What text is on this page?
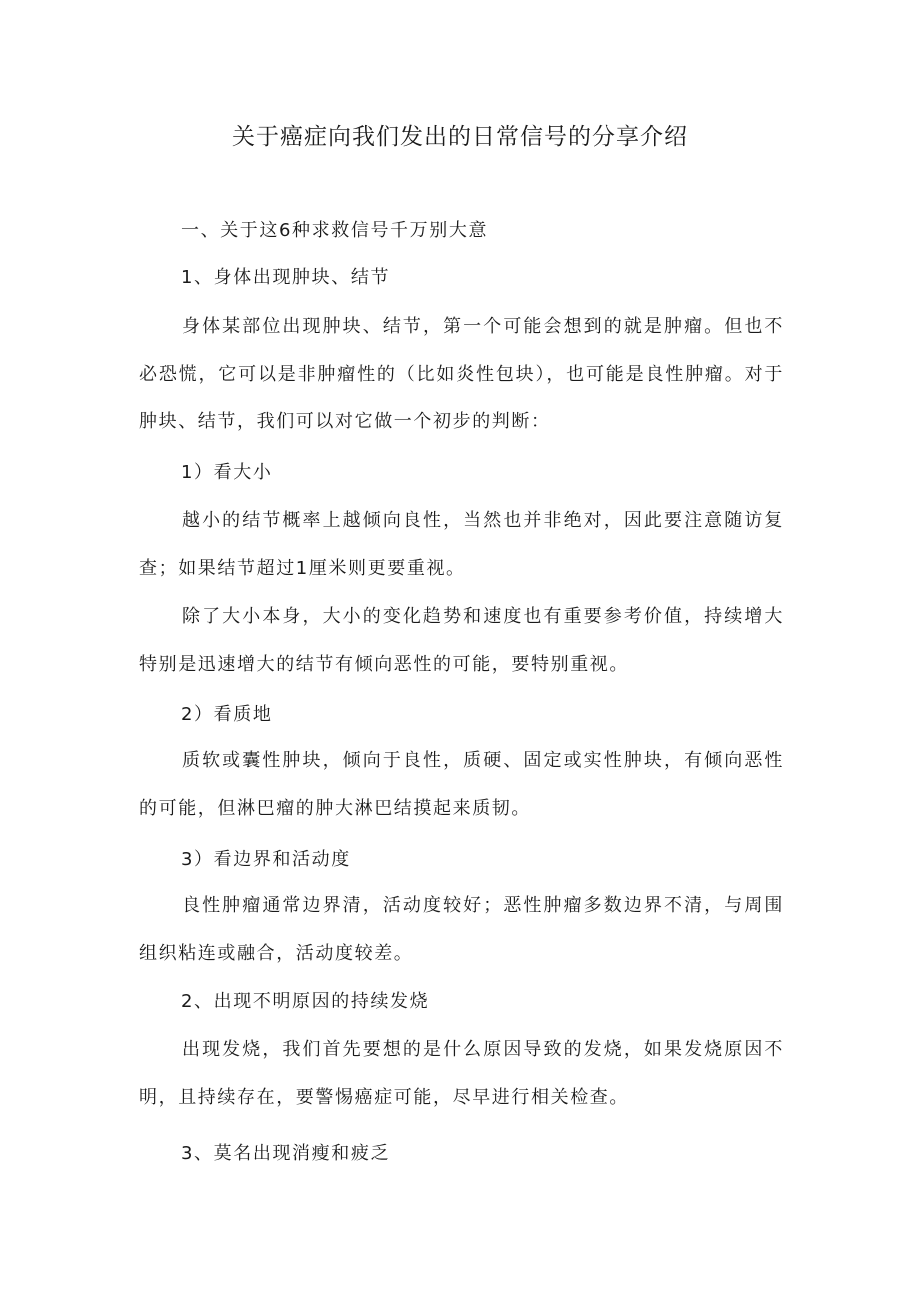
关于癌症向我们发出的日常信号的分享介绍

一、关于这6种求救信号千万别大意

1、身体出现肿块、结节

身体某部位出现肿块、结节，第一个可能会想到的就是肿瘤。但也不必恐慌，它可以是非肿瘤性的（比如炎性包块），也可能是良性肿瘤。对于肿块、结节，我们可以对它做一个初步的判断：

1）看大小

越小的结节概率上越倾向良性，当然也并非绝对，因此要注意随访复查；如果结节超过1厘米则更要重视。

除了大小本身，大小的变化趋势和速度也有重要参考价值，持续增大特别是迅速增大的结节有倾向恶性的可能，要特别重视。

2）看质地

质软或囊性肿块，倾向于良性，质硬、固定或实性肿块，有倾向恶性的可能，但淋巴瘤的肿大淋巴结摸起来质韧。

3）看边界和活动度

良性肿瘤通常边界清，活动度较好；恶性肿瘤多数边界不清，与周围组织粘连或融合，活动度较差。

2、出现不明原因的持续发烧

出现发烧，我们首先要想的是什么原因导致的发烧，如果发烧原因不明，且持续存在，要警惕癌症可能，尽早进行相关检查。

3、莫名出现消瘦和疲乏
